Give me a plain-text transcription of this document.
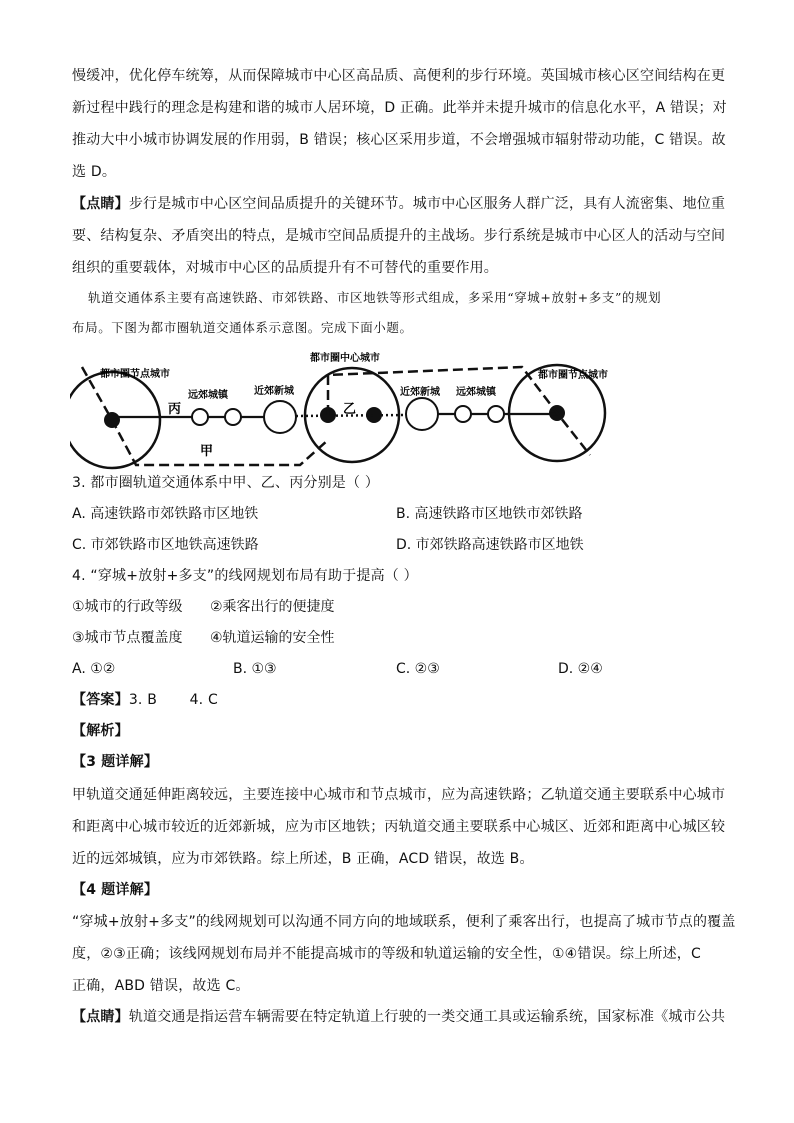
慢缓冲，优化停车统筹，从而保障城市中心区高品质、高便利的步行环境。英国城市核心区空间结构在更
新过程中践行的理念是构建和谐的城市人居环境，D 正确。此举并未提升城市的信息化水平，A 错误；对
推动大中小城市协调发展的作用弱，B 错误；核心区采用步道，不会增强城市辐射带动功能，C 错误。故
选 D。
【点睛】步行是城市中心区空间品质提升的关键环节。城市中心区服务人群广泛，具有人流密集、地位重
要、结构复杂、矛盾突出的特点，是城市空间品质提升的主战场。步行系统是城市中心区人的活动与空间
组织的重要载体，对城市中心区的品质提升有不可替代的重要作用。
轨道交通体系主要有高速铁路、市郊铁路、市区地铁等形式组成，多采用“穿城+放射+多支”的规划
布局。下图为都市圈轨道交通体系示意图。完成下面小题。
都市圈节点城市
都市圈中心城市
都市圈节点城市
远郊城镇	近郊新城	近郊新城 远郊城镇
丙	乙
甲
3. 都市圈轨道交通体系中甲、乙、丙分别是（ ）
A. 高速铁路市郊铁路市区地铁	B. 高速铁路市区地铁市郊铁路
C. 市郊铁路市区地铁高速铁路	D. 市郊铁路高速铁路市区地铁
4. “穿城+放射+多支”的线网规划布局有助于提高（ ）
①城市的行政等级 ②乘客出行的便捷度
③城市节点覆盖度 ④轨道运输的安全性
A. ①②	B. ①③	C. ②③	D. ②④
【答案】3. B       4. C
【解析】
【3 题详解】
甲轨道交通延伸距离较远，主要连接中心城市和节点城市，应为高速铁路；乙轨道交通主要联系中心城市
和距离中心城市较近的近郊新城，应为市区地铁；丙轨道交通主要联系中心城区、近郊和距离中心城区较
近的远郊城镇，应为市郊铁路。综上所述，B 正确，ACD 错误，故选 B。
【4 题详解】
“穿城+放射+多支”的线网规划可以沟通不同方向的地域联系，便利了乘客出行，也提高了城市节点的覆盖
度，②③正确；该线网规划布局并不能提高城市的等级和轨道运输的安全性，①④错误。综上所述，C
正确，ABD 错误，故选 C。
【点睛】轨道交通是指运营车辆需要在特定轨道上行驶的一类交通工具或运输系统，国家标准《城市公共
